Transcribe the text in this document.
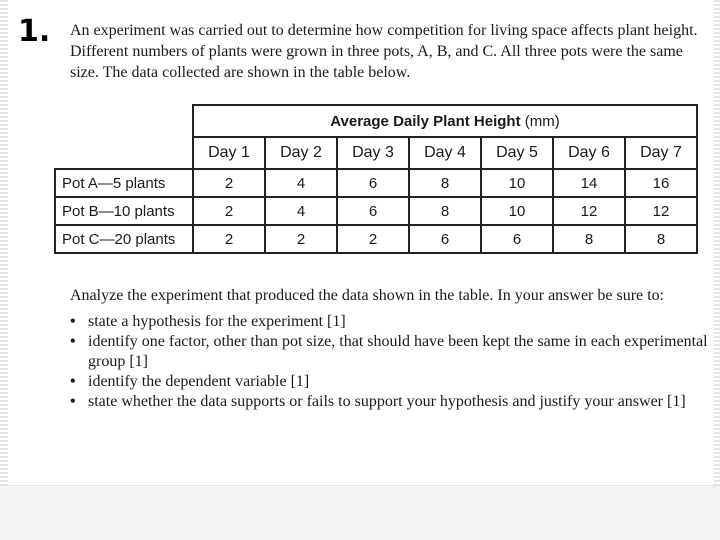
1. An experiment was carried out to determine how competition for living space affects plant height. Different numbers of plants were grown in three pots, A, B, and C. All three pots were the same size. The data collected are shown in the table below.

	Average Daily Plant Height (mm)						
	Day 1	Day 2	Day 3	Day 4	Day 5	Day 6	Day 7
Pot A—5 plants	2	4	6	8	10	14	16
Pot B—10 plants	2	4	6	8	10	12	12
Pot C—20 plants	2	2	2	6	6	8	8

Analyze the experiment that produced the data shown in the table. In your answer be sure to:

• state a hypothesis for the experiment [1]
• identify one factor, other than pot size, that should have been kept the same in each experimental group [1]
• identify the dependent variable [1]
• state whether the data supports or fails to support your hypothesis and justify your answer [1]
